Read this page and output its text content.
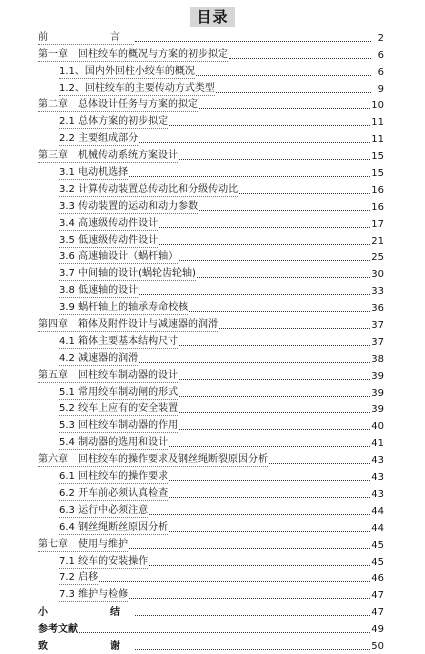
目录
前　　言	2
第一章　回柱绞车的概况与方案的初步拟定	6
1.1、国内外回柱小绞车的概况	6
1.2、回柱绞车的主要传动方式类型	9
第二章　总体设计任务与方案的拟定	10
2.1 总体方案的初步拟定	11
2.2 主要组成部分	11
第三章　机械传动系统方案设计	15
3.1 电动机选择	15
3.2 计算传动装置总传动比和分级传动比	16
3.3 传动装置的运动和动力参数	16
3.4 高速级传动件设计	17
3.5 低速级传动件设计	21
3.6 高速轴设计（蜗杆轴）	25
3.7 中间轴的设计(蜗轮齿轮轴)	30
3.8 低速轴的设计	33
3.9 蜗杆轴上的轴承寿命校核	36
第四章　箱体及附件设计与减速器的润滑	37
4.1 箱体主要基本结构尺寸	37
4.2 减速器的润滑	38
第五章　回柱绞车制动器的设计	39
5.1 常用绞车制动闸的形式	39
5.2 绞车上应有的安全装置	39
5.3 回柱绞车制动器的作用	40
5.4 制动器的选用和设计	41
第六章　回柱绞车的操作要求及钢丝绳断裂原因分析	43
6.1 回柱绞车的操作要求	43
6.2 开车前必须认真检查	43
6.3 运行中必须注意	44
6.4 钢丝绳断丝原因分析	44
第七章　使用与维护	45
7.1 绞车的安装操作	45
7.2 启移	46
7.3 维护与检修	47
小　　结	47
参考文献	49
致　　谢	50
